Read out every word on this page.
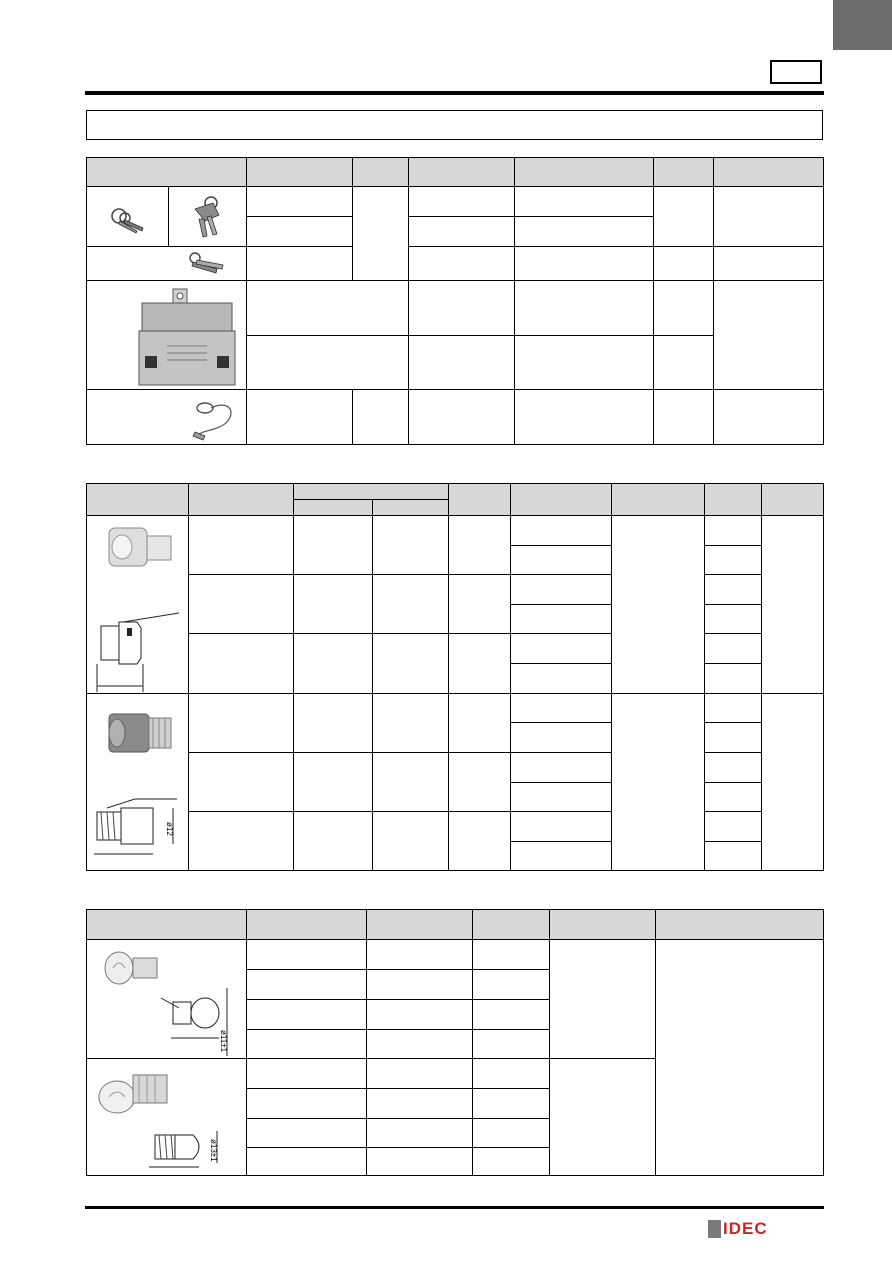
ø12								

ø11±1					

ø13±1					

IDEC
